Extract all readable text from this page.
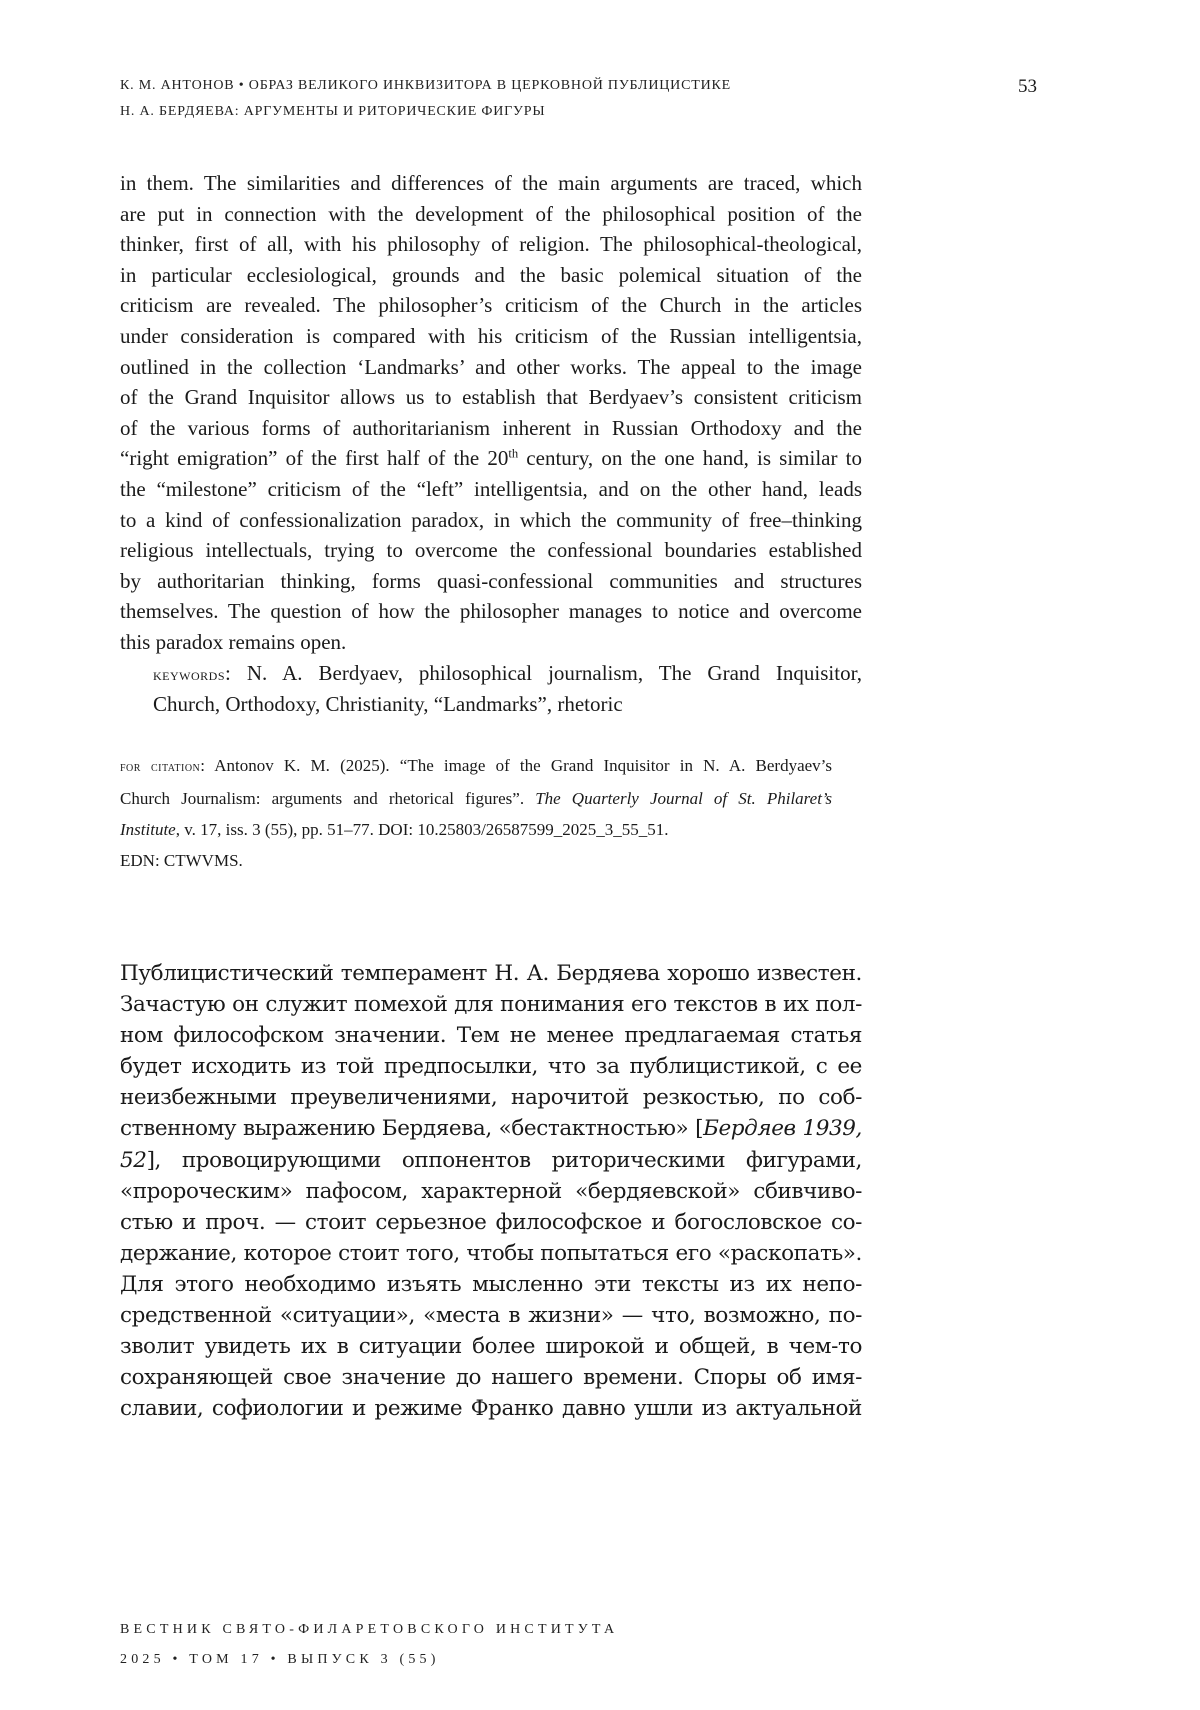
К. М. АНТОНОВ • ОБРАЗ ВЕЛИКОГО ИНКВИЗИТОРА В ЦЕРКОВНОЙ ПУБЛИЦИСТИКЕ
Н. А. БЕРДЯЕВА: АРГУМЕНТЫ И РИТОРИЧЕСКИЕ ФИГУРЫ
53
in them. The similarities and differences of the main arguments are traced, which
are put in connection with the development of the philosophical position of the
thinker, first of all, with his philosophy of religion. The philosophical-theological,
in particular ecclesiological, grounds and the basic polemical situation of the
criticism are revealed. The philosopher’s criticism of the Church in the articles
under consideration is compared with his criticism of the Russian intelligentsia,
outlined in the collection ‘Landmarks’ and other works. The appeal to the image
of the Grand Inquisitor allows us to establish that Berdyaev’s consistent criticism
of the various forms of authoritarianism inherent in Russian Orthodoxy and the
“right emigration” of the first half of the 20th century, on the one hand, is similar to
the “milestone” criticism of the “left” intelligentsia, and on the other hand, leads
to a kind of confessionalization paradox, in which the community of free–thinking
religious intellectuals, trying to overcome the confessional boundaries established
by authoritarian thinking, forms quasi-confessional communities and structures
themselves. The question of how the philosopher manages to notice and overcome
this paradox remains open.
keywords: N. A. Berdyaev, philosophical journalism, The Grand Inquisitor,
Church, Orthodoxy, Christianity, “Landmarks”, rhetoric
for citation: Antonov K. M. (2025). “The image of the Grand Inquisitor in N. A. Berdyaev’s
Church Journalism: arguments and rhetorical figures”. The Quarterly Journal of St. Philaret’s
Institute, v. 17, iss. 3 (55), pp. 51–77. DOI: 10.25803/26587599_2025_3_55_51.
EDN: CTWVMS.
Публицистический темперамент Н. А. Бердяева хорошо известен.
Зачастую он служит помехой для понимания его текстов в их пол-
ном философском значении. Тем не менее предлагаемая статья
будет исходить из той предпосылки, что за публицистикой, с ее
неизбежными преувеличениями, нарочитой резкостью, по соб-
ственному выражению Бердяева, «бестактностью» [Бердяев 1939,
52], провоцирующими оппонентов риторическими фигурами,
«пророческим» пафосом, характерной «бердяевской» сбивчиво-
стью и проч. — стоит серьезное философское и богословское со-
держание, которое стоит того, чтобы попытаться его «раскопать».
Для этого необходимо изъять мысленно эти тексты из их непо-
средственной «ситуации», «места в жизни» — что, возможно, по-
зволит увидеть их в ситуации более широкой и общей, в чем-то
сохраняющей свое значение до нашего времени. Споры об имя-
славии, софиологии и режиме Франко давно ушли из актуальной
ВЕСТНИК СВЯТО-ФИЛАРЕТОВСКОГО ИНСТИТУТА
2025 • ТОМ 17 • ВЫПУСК 3 (55)
